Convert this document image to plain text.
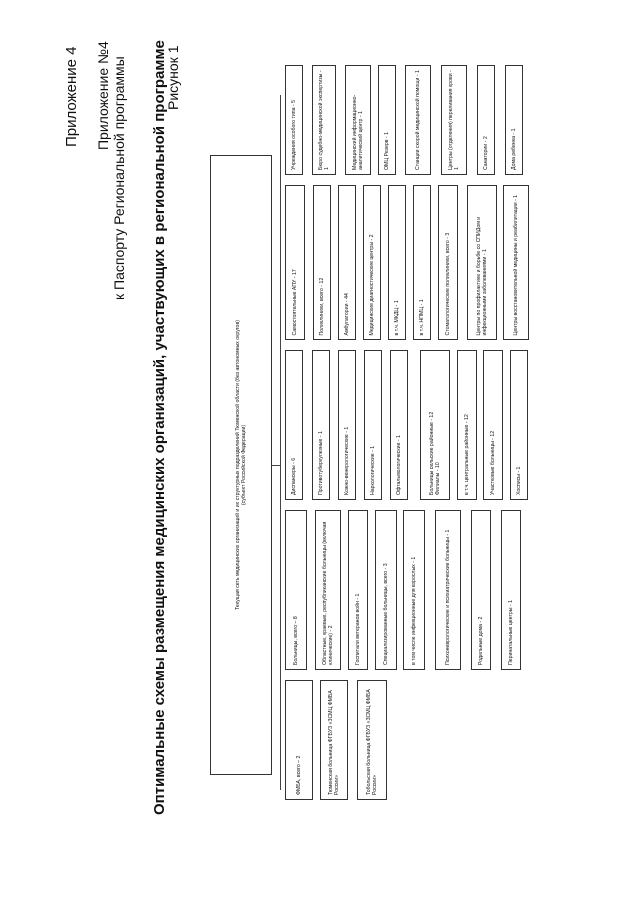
Приложение 4 Приложение №4 к Паспорту Региональной программы Оптимальные схемы размещения медицинских организаций, участвующих в региональной программе
Рисунок 1
Текущая сеть медицинских организаций и их структурных подразделений Тюменской области (без автономных округов) (субъект Российской Федерации)
ФМБА, всего – 2	Тюменская больница ФГБУЗ «ЗСМЦ ФМБА России»	Тобольская больница ФГБУЗ «ЗСМЦ ФМБА России»
Больницы, всего – 8	Областные, краевые, республиканские больницы (включая клинические) - 2	Госпитали ветеранов войн - 1	Специализированные больницы, всего - 3	в том числе инфекционные для взрослых - 1	Психоневрологические и психиатрические больницы - 1	Родильные дома - 2	Перинатальные центры - 1
Диспансеры - 6	Противотуберкулезные - 1	Кожно-венерологические - 1	Наркологические - 1	Офтальмологические - 1	Больницы сельские районные - 12
Филиалы - 10	в т.ч. центральные районные - 12	Участковые больницы - 12	Хосписы - 1
Самостоятельные АПУ - 17	Поликлиники, всего - 12	Амбулатории - 44	Медицинские диагностические центры - 2	в т.ч. МКДЦ - 1	в т.ч. НПМЦ - 1	Стоматологические поликлиники, всего - 3	Центры по профилактике и борьбе со СПИДом и инфекционными заболеваниями - 1	Центры восстановительной медицины и реабилитации - 1
Учреждения особого типа - 5	Бюро судебно-медицинской экспертизы - 1	Медицинский информационно-аналитический центр - 1	ОМЦ Резерв - 1	Станции скорой медицинской помощи - 1	Центры (отделения) переливания крови - 1	Санатории - 2	Дома ребенка - 1
